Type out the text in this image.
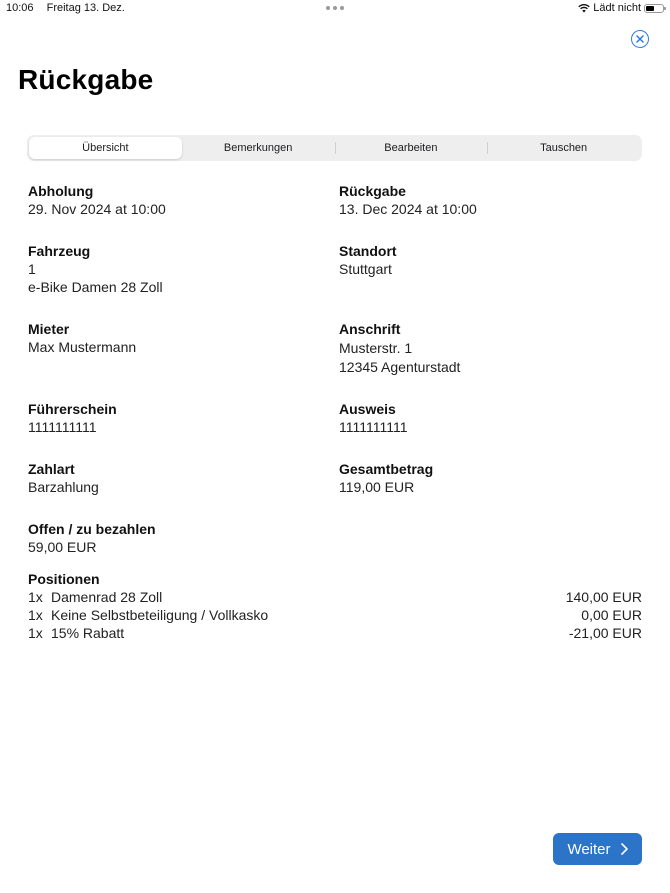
10:06 Freitag 13. Dez.	Lädt nicht
Rückgabe
Übersicht	Bemerkungen	Bearbeiten	Tauschen
Abholung
29. Nov 2024 at 10:00
Rückgabe
13. Dec 2024 at 10:00
Fahrzeug
1
e-Bike Damen 28 Zoll
Standort
Stuttgart
Mieter
Max Mustermann
Anschrift
Musterstr. 1
12345 Agenturstadt
Führerschein
1111111111
Ausweis
1111111111
Zahlart
Barzahlung
Gesamtbetrag
119,00 EUR
Offen / zu bezahlen
59,00 EUR
Positionen
1x Damenrad 28 Zoll	140,00 EUR
1x Keine Selbstbeteiligung / Vollkasko	0,00 EUR
1x 15% Rabatt	-21,00 EUR
Weiter
